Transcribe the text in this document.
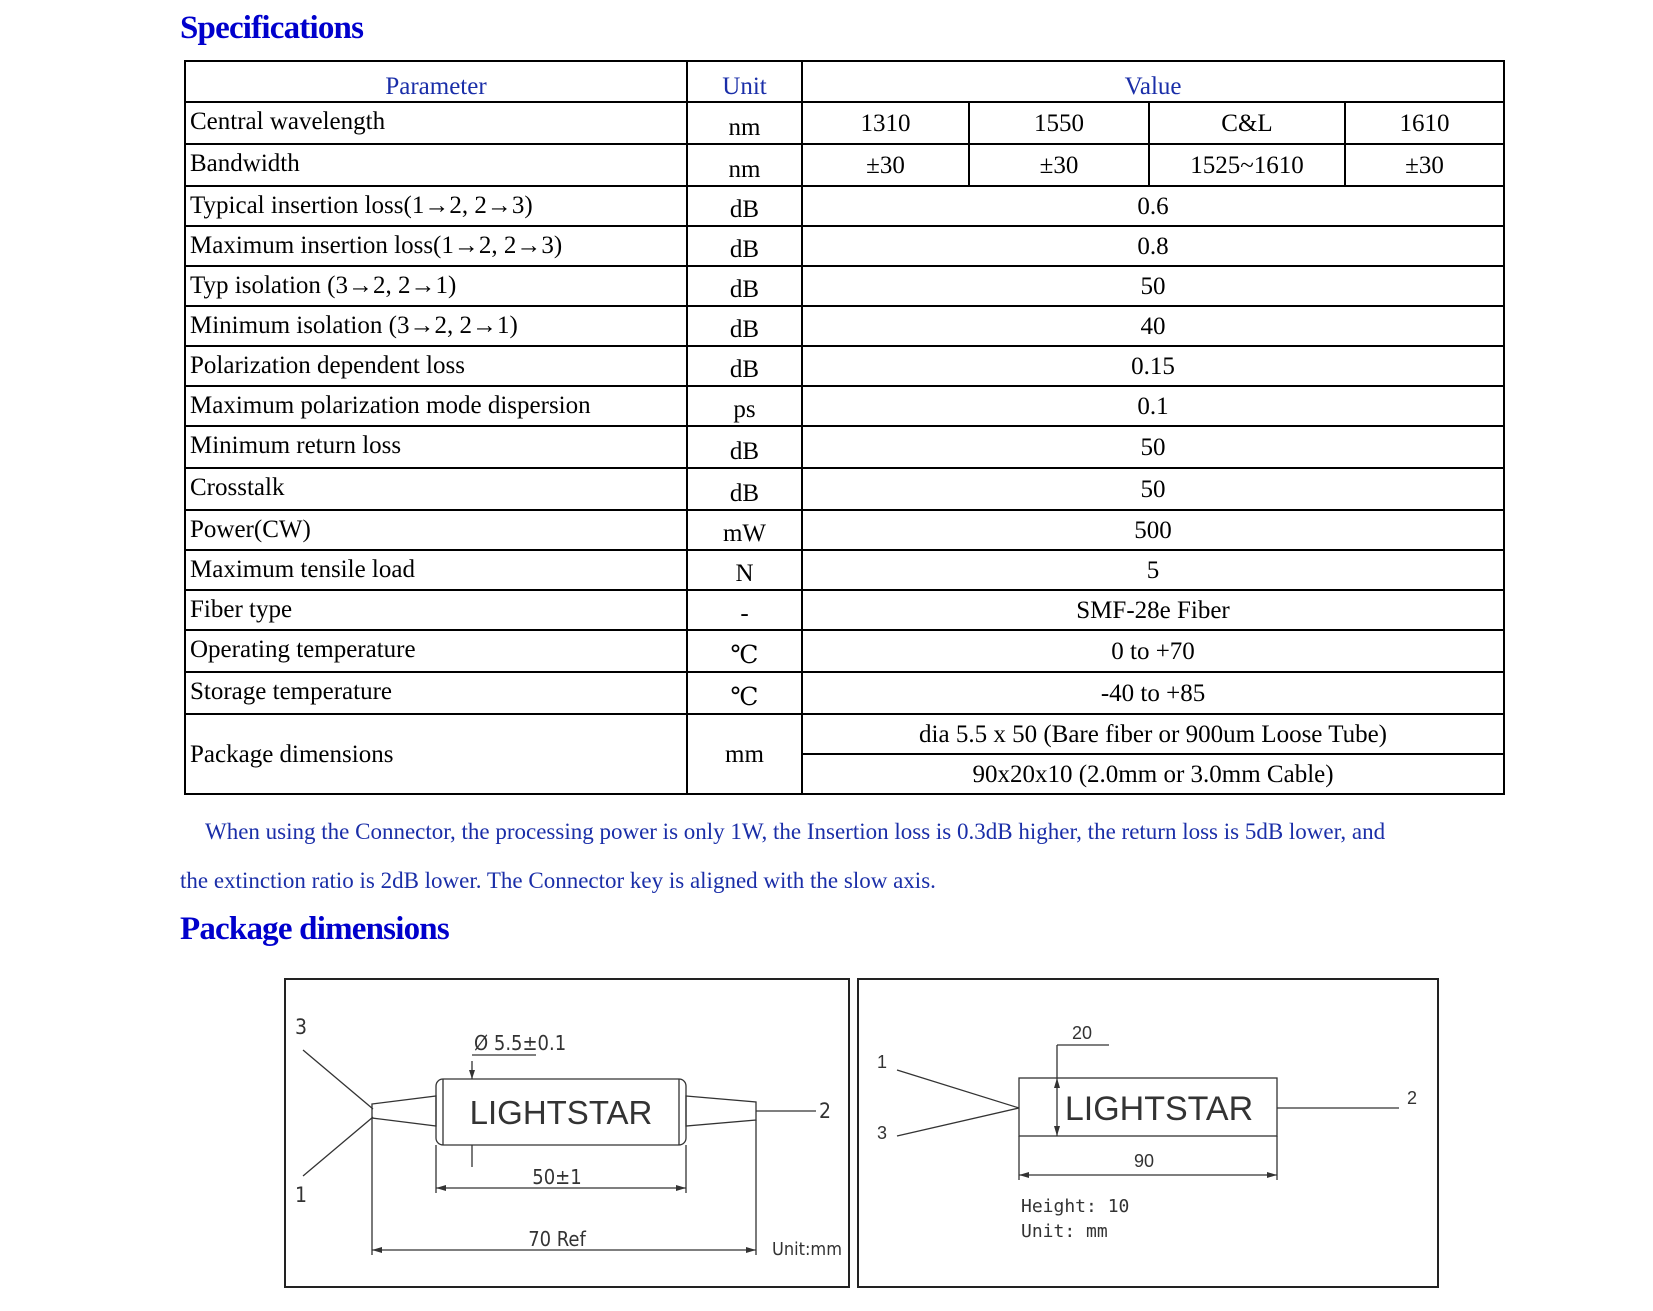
Specifications
Parameter	Unit	Value			
Central wavelength	nm	1310	1550	C&L	1610
Bandwidth	nm	±30	±30	1525~1610	±30
Typical insertion loss(1→2, 2→3)	dB	0.6			
Maximum insertion loss(1→2, 2→3)	dB	0.8			
Typ isolation (3→2, 2→1)	dB	50			
Minimum isolation (3→2, 2→1)	dB	40			
Polarization dependent loss	dB	0.15			
Maximum polarization mode dispersion	ps	0.1			
Minimum return loss	dB	50			
Crosstalk	dB	50			
Power(CW)	mW	500			
Maximum tensile load	N	5			
Fiber type	-	SMF-28e Fiber			
Operating temperature	℃	0 to +70			
Storage temperature	℃	-40 to +85			
Package dimensions	mm	dia 5.5 x 50 (Bare fiber or 900um Loose Tube)			
		90x20x10 (2.0mm or 3.0mm Cable)			

When using the Connector, the processing power is only 1W, the Insertion loss is 0.3dB higher, the return loss is 5dB lower, and

the extinction ratio is 2dB lower. The Connector key is aligned with the slow axis.

Package dimensions
3
1
2
Ø 5.5±0.1
LIGHTSTAR
50±1
70 Ref	Unit:mm
1
3
2
20
LIGHTSTAR
90
Height: 10
Unit: mm
